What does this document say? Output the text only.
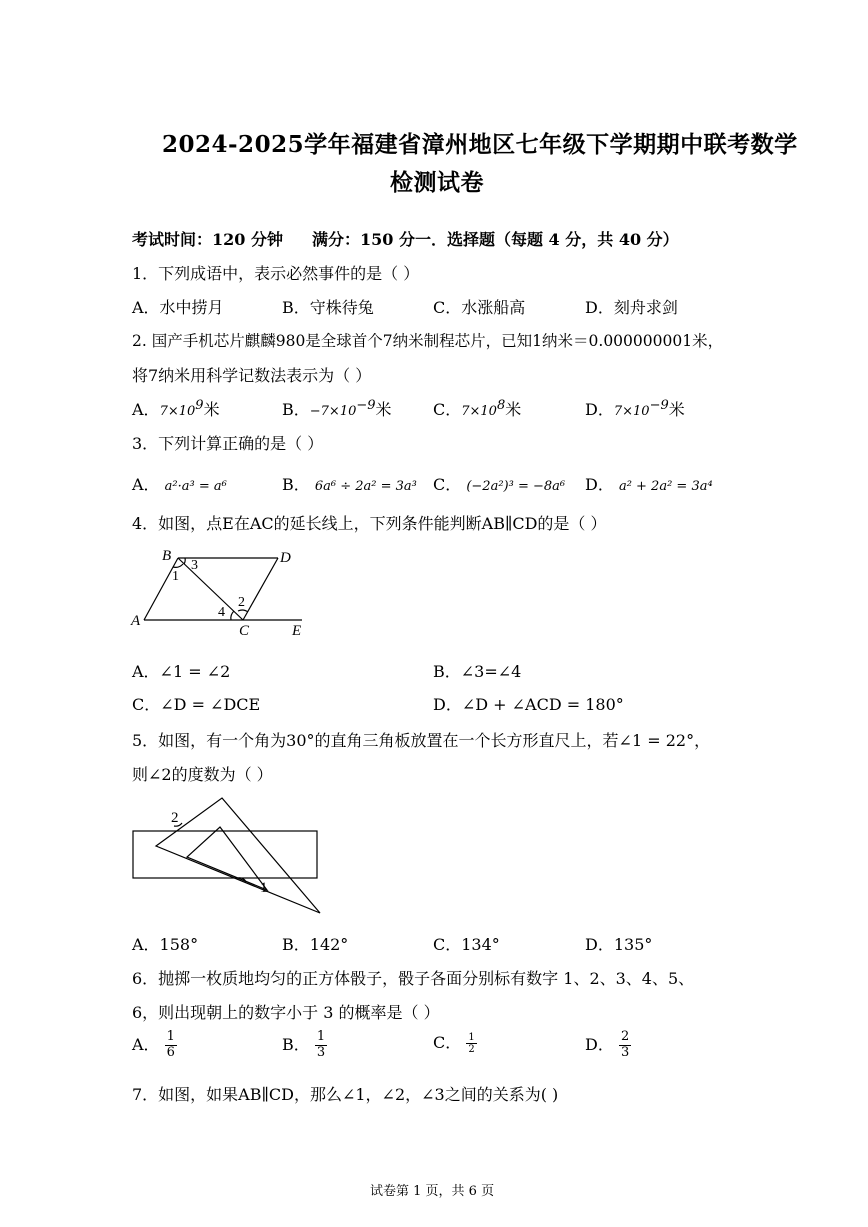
2024-2025学年福建省漳州地区七年级下学期期中联考数学
检测试卷
考试时间：120 分钟 满分：150 分一．选择题（每题 4 分，共 40 分）
1．下列成语中，表示必然事件的是（ ）
A．水中捞月	B．守株待兔	C．水涨船高	D．刻舟求剑
2. 国产手机芯片麒麟980是全球首个7纳米制程芯片，已知1纳米＝0.000000001米，
将7纳米用科学记数法表示为（ ）
A．$7\times 10^9$米	B．$-7\times 10^{-9}$米	C．$7\times 10^8$米	D．$7\times 10^{-9}$米
3．下列计算正确的是（ ）
A． a²·a³ = a⁶	B． 6a⁶ ÷ 2a² = 3a³ C． (−2a²)³ = −8a⁶ D． a² + 2a² = 3a⁴
4．如图，点E在AC的延长线上，下列条件能判断AB∥CD的是（ ）
B
3	D
1
2
4
A
C	E
A．∠1 = ∠2	B．∠3=∠4
C．∠D = ∠DCE	D．∠D + ∠ACD = 180°
5．如图，有一个角为30°的直角三角板放置在一个长方形直尺上，若∠1 = 22°，
则∠2的度数为（ ）
2
1
A．158°	B．142°	C．134°	D．135°
6．抛掷一枚质地均匀的正方体骰子，骰子各面分别标有数字 1、2、3、4、5、
6，则出现朝上的数字小于 3 的概率是（ ）
A． $\frac{1}{6}$	B． $\frac{1}{3}$	C． $\frac{1}{2}$	D． $\frac{2}{3}$
7．如图，如果AB∥CD，那么∠1，∠2，∠3之间的关系为( )
试卷第 1 页，共 6 页
